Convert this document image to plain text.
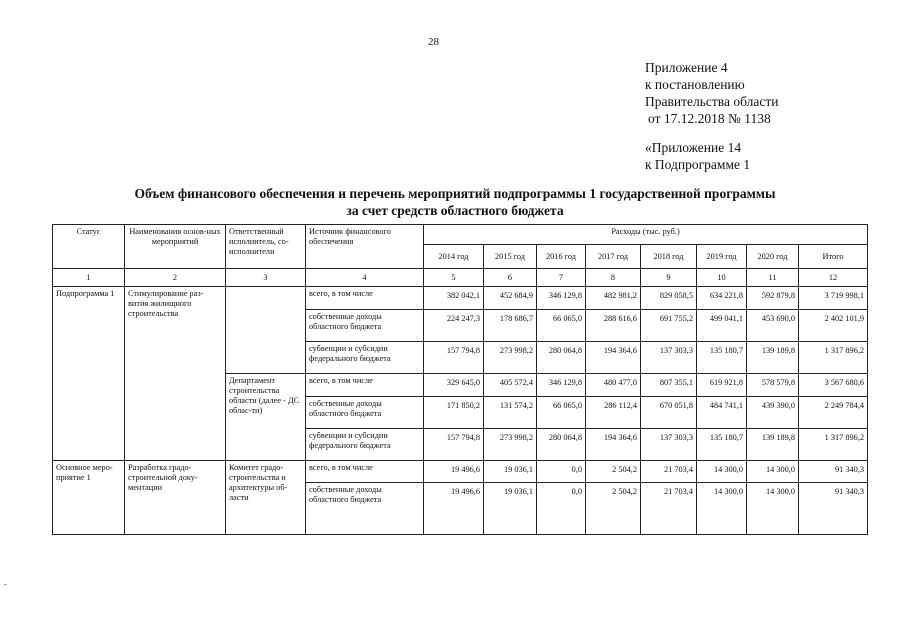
28
Приложение 4
к постановлению
Правительства области
от 17.12.2018 № 1138
«Приложение 14
к Подпрограмме 1
Объем финансового обеспечения и перечень мероприятий подпрограммы 1 государственной программы
за счет средств областного бюджета
Статус	Наименования основ-ных мероприятий	Ответственный исполнитель, со-исполнители	Источник финансового обеспечения	Расходы (тыс. руб.)							
				2014 год	2015 год	2016 год	2017 год	2018 год	2019 год	2020 год	Итого
1	2	3	4	5	6	7	8	9	10	11	12
Подпрограмма 1	Стимулирование раз-вития жилищного строительства		всего, в том числе	382 042,1	452 684,9	346 129,8	482 981,2	829 058,5	634 221,8	592 879,8	3 719 998,1
			собственные доходы областного бюджета	224 247,3	178 686,7	66 065,0	288 616,6	691 755,2	499 041,1	453 690,0	2 402 101,9
			субвенции и субсидии федерального бюджета	157 794,8	273 998,2	280 064,8	194 364,6	137 303,3	135 180,7	139 189,8	1 317 896,2
		Департамент строительства области (далее - ДС облас-ти)	всего, в том числе	329 645,0	405 572,4	346 129,8	480 477,0	807 355,1	619 921,8	578 579,8	3 567 680,6
			собственные доходы областного бюджета	171 850,2	131 574,2	66 065,0	286 112,4	670 051,8	484 741,1	439 390,0	2 249 784,4
			субвенции и субсидии федерального бюджета	157 794,8	273 998,2	280 064,8	194 364,6	137 303,3	135 180,7	139 189,8	1 317 896,2
Основное меро-приятие 1	Разработка градо-строительной доку-ментации	Комитет градо-строительства и архитектуры об-ласти	всего, в том числе	19 496,6	19 036,1	0,0	2 504,2	21 703,4	14 300,0	14 300,0	91 340,3
			собственные доходы областного бюджета	19 496,6	19 036,1	0,0	2 504,2	21 703,4	14 300,0	14 300,0	91 340,3
-
